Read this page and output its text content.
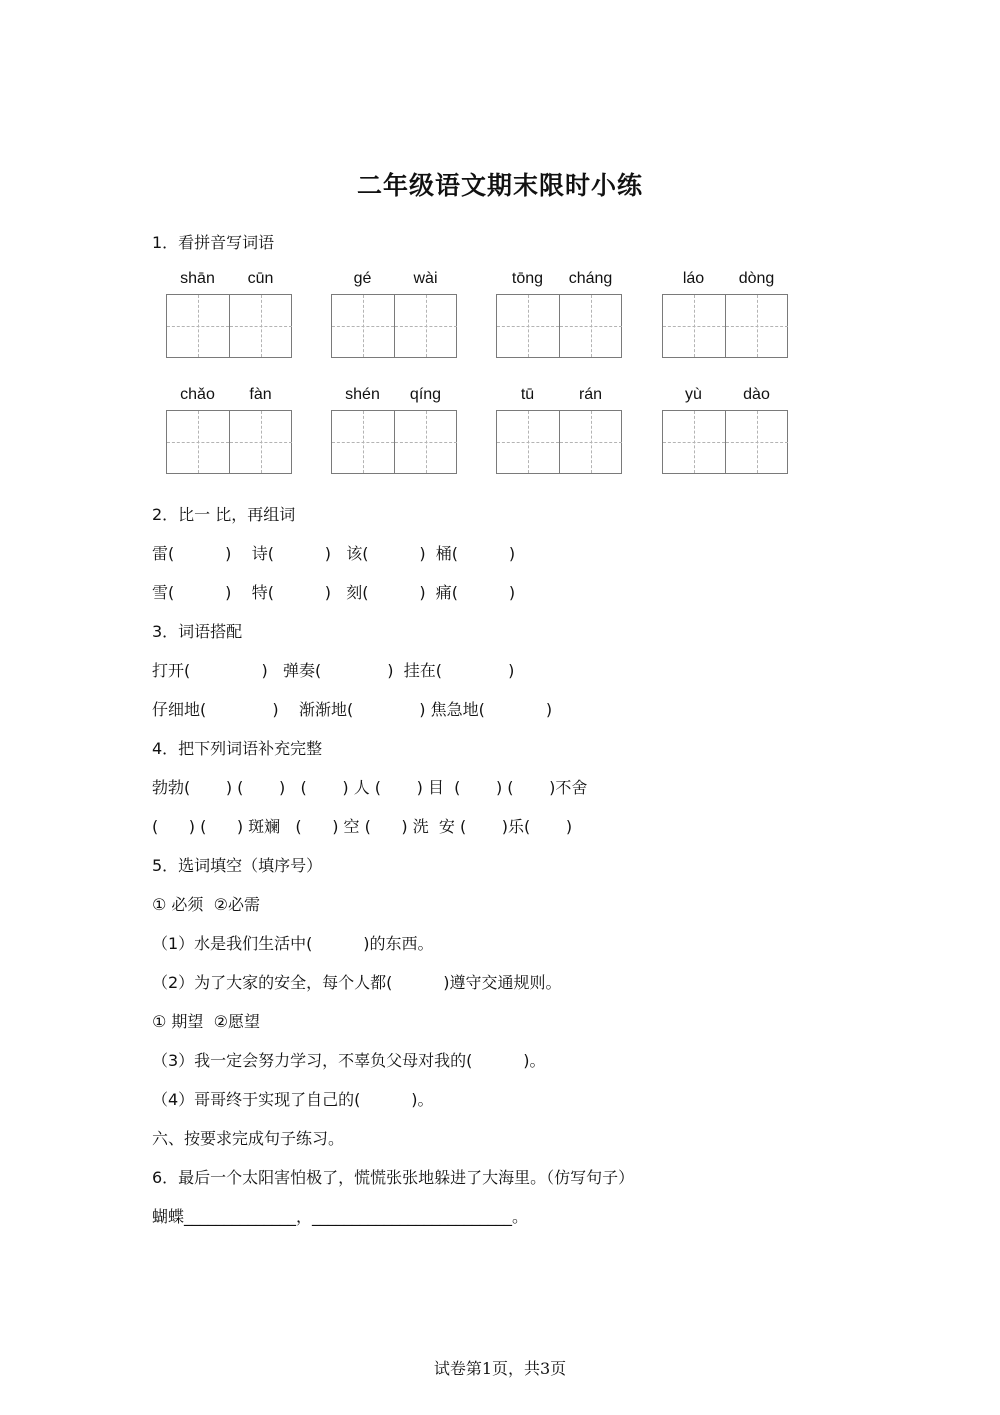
二年级语文期末限时小练
1．看拼音写词语
shān	cūn	gé	wài	tōng	cháng	láo	dòng
chǎo	fàn	shén	qíng	tū	rán	yù	dào
2．比一 比，再组词
雷(          )    诗(          )   该(          )  桶(          )
雪(          )    特(          )   刻(          )  痛(          )
3．词语搭配
打开(              )   弹奏(             )  挂在(             )
仔细地(             )    渐渐地(             ) 焦急地(            )
4．把下列词语补充完整
勃勃(       ) (       )   (       ) 人 (       ) 目  (       ) (       )不舍
(      ) (      ) 斑斓   (      ) 空 (      ) 洗  安 (       )乐(       )
5．选词填空（填序号）
① 必须  ②必需
（1）水是我们生活中(          )的东西。
（2）为了大家的安全，每个人都(          )遵守交通规则。
① 期望  ②愿望
（3）我一定会努力学习，不辜负父母对我的(          )。
（4）哥哥终于实现了自己的(          )。
六、按要求完成句子练习。
6．最后一个太阳害怕极了，慌慌张张地躲进了大海里。（仿写句子）
蝴蝶______________，_________________________。
试卷第1页，共3页
